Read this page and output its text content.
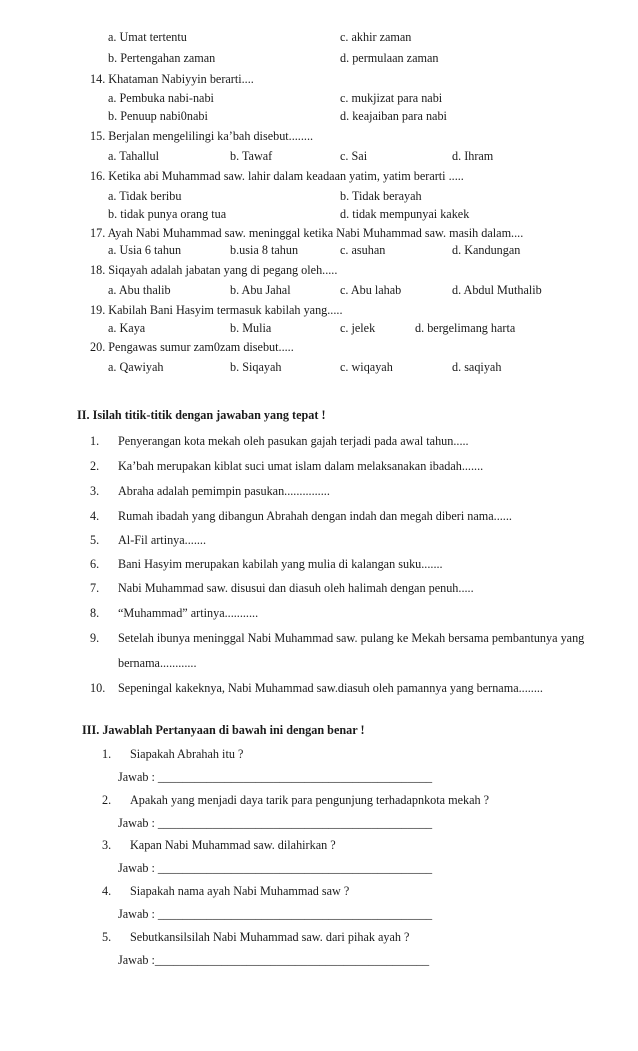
a. Umat tertentu	c. akhir zaman
b. Pertengahan zaman	d. permulaan zaman
14. Khataman Nabiyyin berarti....
a. Pembuka nabi-nabi	c. mukjizat para nabi
b. Penuup nabi0nabi	d. keajaiban para nabi
15. Berjalan mengelilingi ka’bah disebut........
a. Tahallul	b. Tawaf	c. Sai	d. Ihram
16. Ketika abi Muhammad saw. lahir dalam keadaan yatim, yatim berarti .....
a. Tidak beribu	b. Tidak berayah
b. tidak punya orang tua	d. tidak mempunyai kakek
17. Ayah Nabi Muhammad saw. meninggal ketika Nabi Muhammad saw. masih dalam....
a. Usia 6 tahun	b.usia 8 tahun	c. asuhan	d. Kandungan
18. Siqayah adalah jabatan yang di pegang oleh.....
a. Abu thalib	b. Abu Jahal	c. Abu lahab	d. Abdul Muthalib
19. Kabilah Bani Hasyim termasuk kabilah yang.....
a. Kaya	b. Mulia	c. jelek	d. bergelimang harta
20. Pengawas sumur zam0zam disebut.....
a. Qawiyah	b. Siqayah	c. wiqayah	d. saqiyah
II. Isilah titik-titik dengan jawaban yang tepat !
1. Penyerangan kota mekah oleh pasukan gajah terjadi pada awal tahun.....
2. Ka’bah merupakan kiblat suci umat islam dalam melaksanakan ibadah.......
3. Abraha adalah pemimpin pasukan...............
4. Rumah ibadah yang dibangun Abrahah dengan indah dan megah diberi nama......
5. Al-Fil artinya.......
6. Bani Hasyim merupakan kabilah yang mulia di kalangan suku.......
7. Nabi Muhammad saw. disusui dan diasuh oleh halimah dengan penuh.....
8. “Muhammad” artinya...........
9. Setelah ibunya meninggal Nabi Muhammad saw. pulang ke Mekah bersama pembantunya yang
bernama............
10. Sepeningal kakeknya, Nabi Muhammad saw.diasuh oleh pamannya yang bernama........
III. Jawablah Pertanyaan di bawah ini dengan benar !
1. Siapakah Abrahah itu ?
Jawab : _____________________________________________
2. Apakah yang menjadi daya tarik para pengunjung terhadapnkota mekah ?
Jawab : _____________________________________________
3. Kapan Nabi Muhammad saw. dilahirkan ?
Jawab : _____________________________________________
4. Siapakah nama ayah Nabi Muhammad saw ?
Jawab : _____________________________________________
5. Sebutkansilsilah Nabi Muhammad saw. dari pihak ayah ?
Jawab :_____________________________________________
